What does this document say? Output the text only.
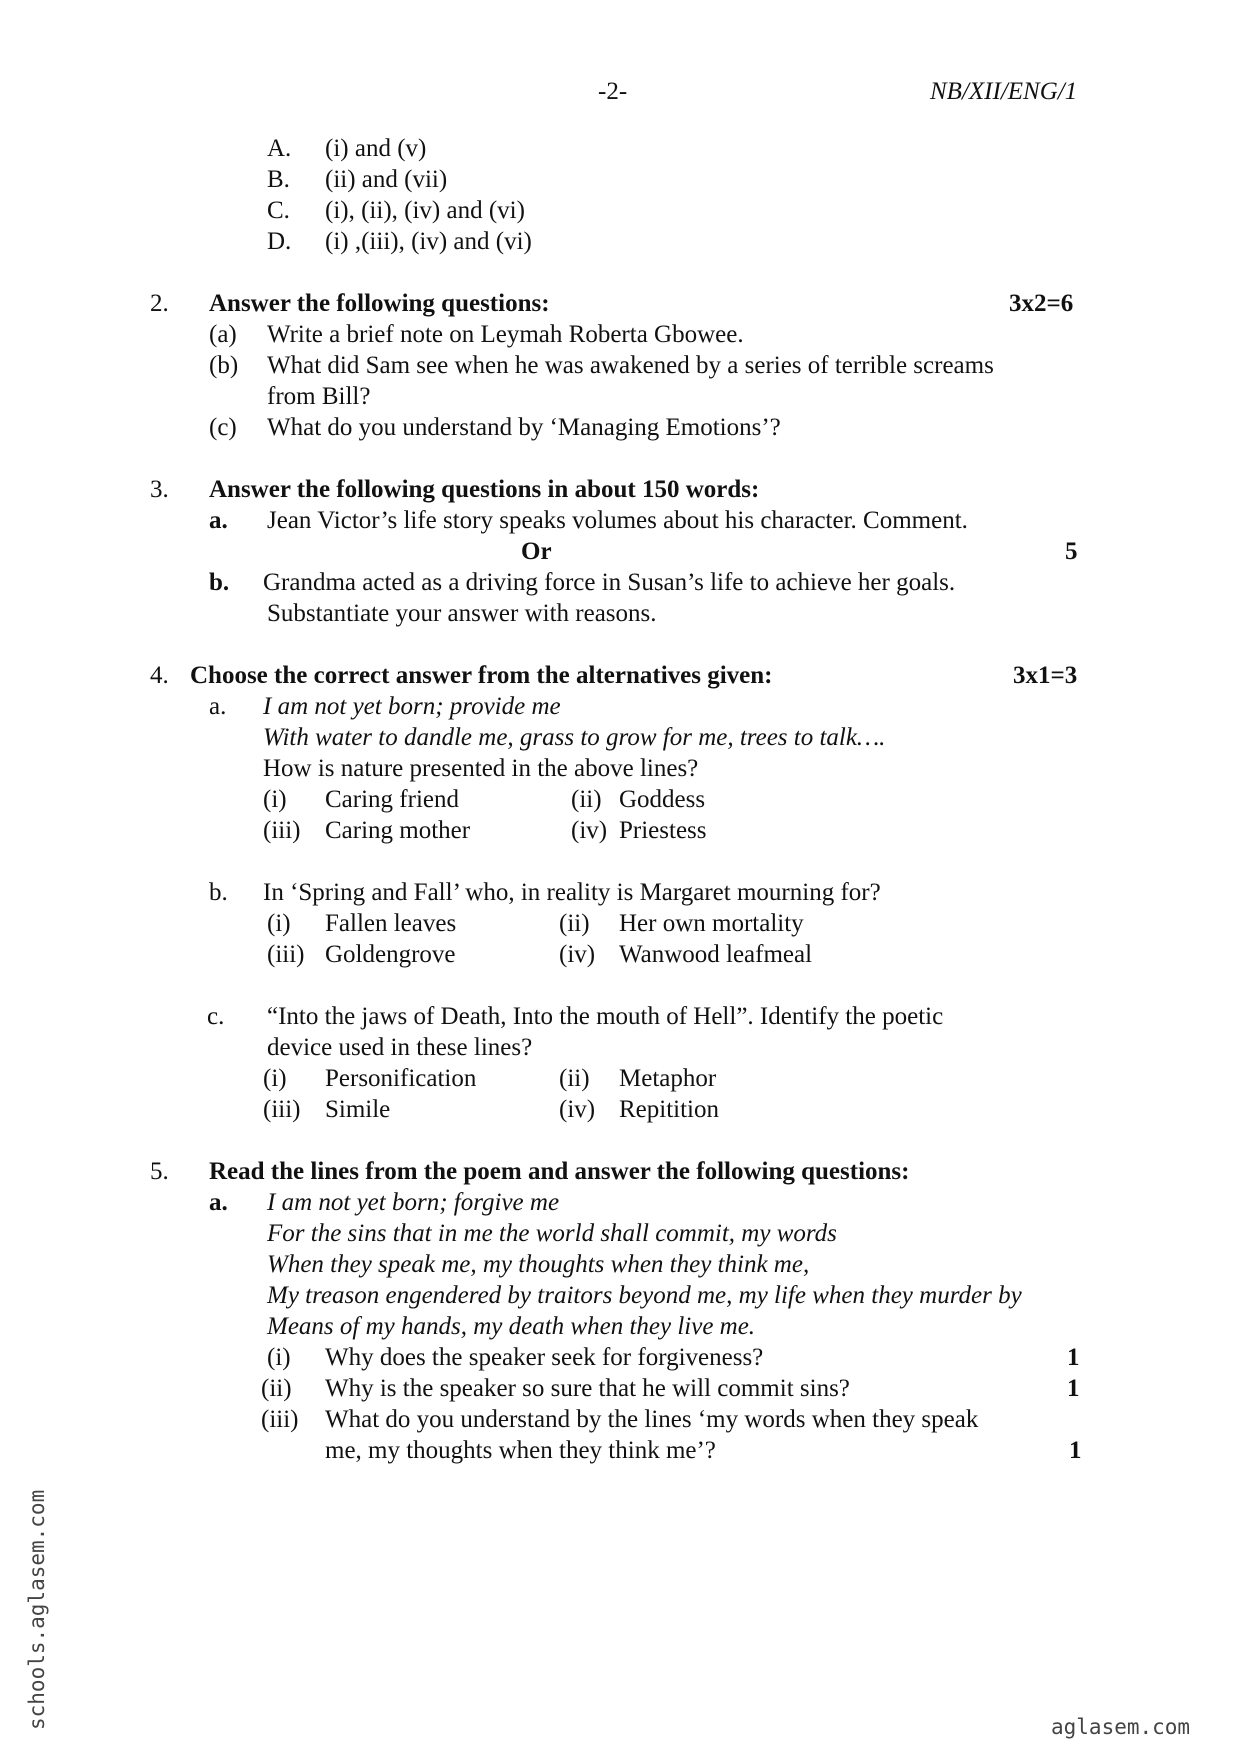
-2-	NB/XII/ENG/1
A. (i) and (v)
B. (ii) and (vii)
C. (i), (ii), (iv) and (vi)
D. (i) ,(iii), (iv) and (vi)
2. Answer the following questions:	3x2=6
(a) Write a brief note on Leymah Roberta Gbowee.
(b) What did Sam see when he was awakened by a series of terrible screams
from Bill?
(c) What do you understand by ‘Managing Emotions’?
3. Answer the following questions in about 150 words:
a. Jean Victor’s life story speaks volumes about his character. Comment.
Or	5
b. Grandma acted as a driving force in Susan’s life to achieve her goals.
Substantiate your answer with reasons.
4. Choose the correct answer from the alternatives given:	3x1=3
a. I am not yet born; provide me
With water to dandle me, grass to grow for me, trees to talk….
How is nature presented in the above lines?
(i) Caring friend	(ii) Goddess
(iii) Caring mother	(iv) Priestess
b. In ‘Spring and Fall’ who, in reality is Margaret mourning for?
(i) Fallen leaves	(ii) Her own mortality
(iii) Goldengrove	(iv) Wanwood leafmeal
c. “Into the jaws of Death, Into the mouth of Hell”. Identify the poetic
device used in these lines?
(i) Personification	(ii) Metaphor
(iii) Simile	(iv) Repitition
5. Read the lines from the poem and answer the following questions:
a. I am not yet born; forgive me
For the sins that in me the world shall commit, my words
When they speak me, my thoughts when they think me,
My treason engendered by traitors beyond me, my life when they murder by
Means of my hands, my death when they live me.
(i) Why does the speaker seek for forgiveness?	1
(ii) Why is the speaker so sure that he will commit sins?	1
(iii) What do you understand by the lines ‘my words when they speak
me, my thoughts when they think me’?	1
schools.aglasem.com	aglasem.com
